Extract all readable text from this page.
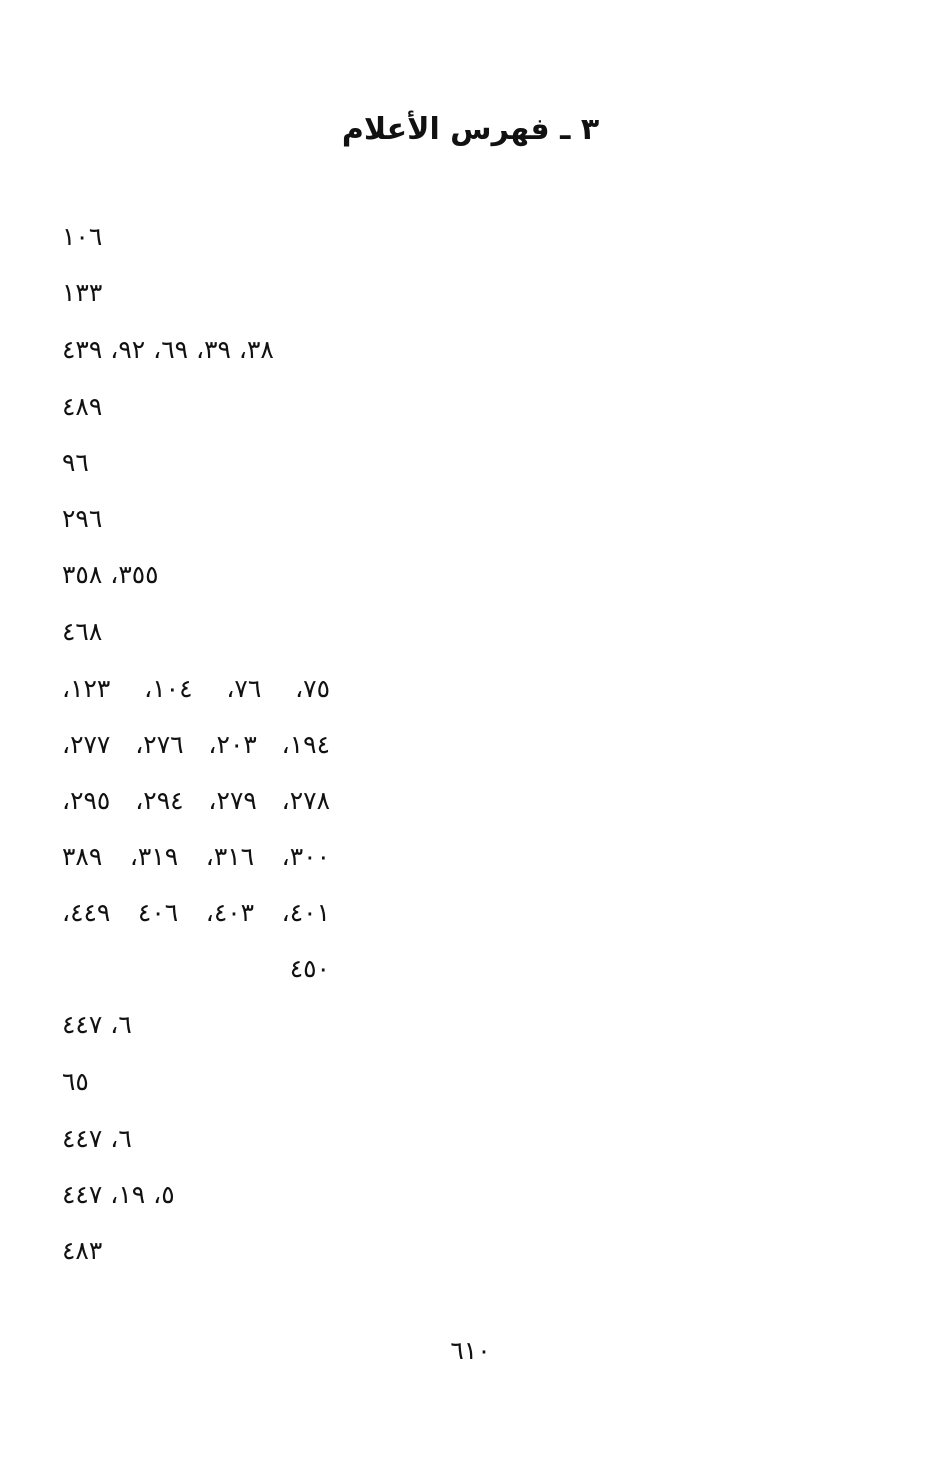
٣ ـ فهرس الأعلام
١٠٦
١٣٣
٣٨، ٣٩، ٦٩، ٩٢، ٤٣٩
٤٨٩
٩٦
٢٩٦
٣٥٥، ٣٥٨
٤٦٨
٧٥، ٧٦، ١٠٤، ١٢٣،
١٩٤، ٢٠٣، ٢٧٦، ٢٧٧،
٢٧٨، ٢٧٩، ٢٩٤، ٢٩٥،
٣٠٠، ٣١٦، ٣١٩، ٣٨٩
٤٠١، ٤٠٣، ٤٠٦ ٤٤٩،
٤٥٠
٦، ٤٤٧
٦٥
٦، ٤٤٧
٥، ١٩، ٤٤٧
٤٨٣
٦١٠
